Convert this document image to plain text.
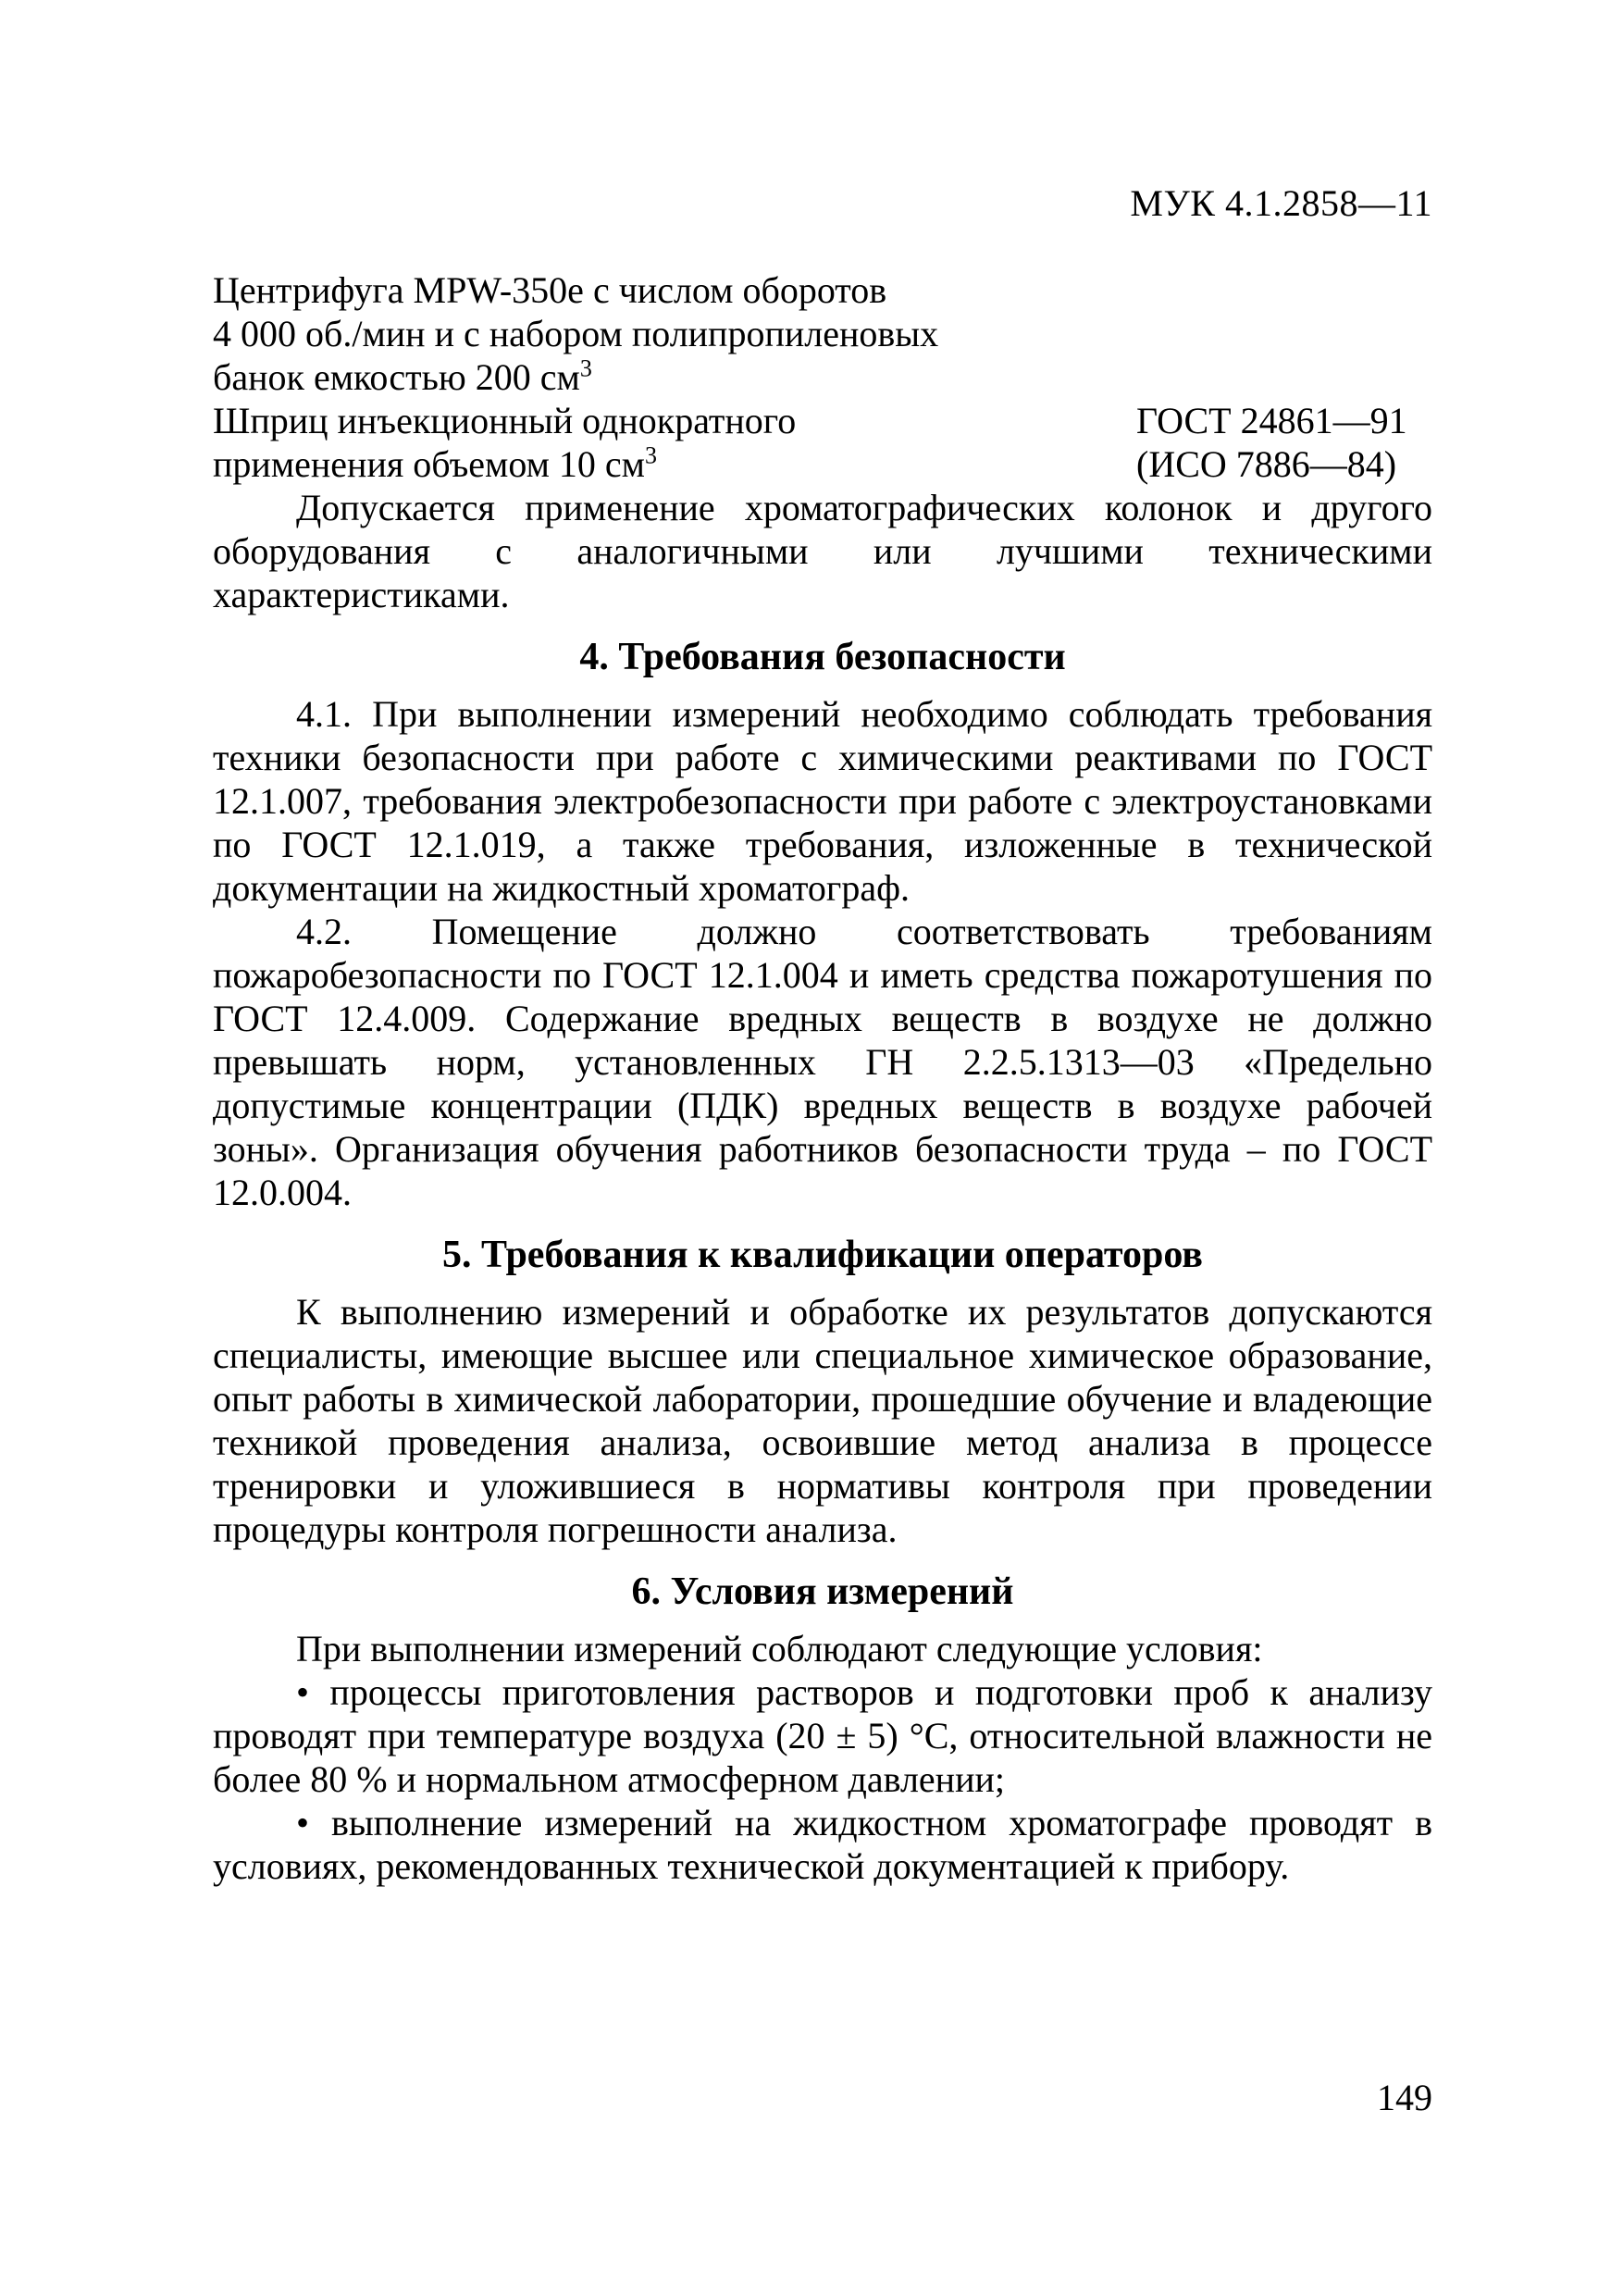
МУК 4.1.2858—11
Центрифуга MPW-350е с числом оборотов
4 000 об./мин и с набором полипропиленовых
банок емкостью 200 $см^3$
Шприц инъекционный однократного	ГОСТ 24861—91
применения объемом 10 $см^3$	(ИСО 7886—84)

Допускается применение хроматографических колонок и другого оборудования с аналогичными или лучшими техническими характеристиками.

4. Требования безопасности

4.1. При выполнении измерений необходимо соблюдать требования техники безопасности при работе с химическими реактивами по ГОСТ 12.1.007, требования электробезопасности при работе с электроустановками по ГОСТ 12.1.019, а также требования, изложенные в технической документации на жидкостный хроматограф.

4.2. Помещение должно соответствовать требованиям пожаробезопасности по ГОСТ 12.1.004 и иметь средства пожаротушения по ГОСТ 12.4.009. Содержание вредных веществ в воздухе не должно превышать норм, установленных ГН 2.2.5.1313—03 «Предельно допустимые концентрации (ПДК) вредных веществ в воздухе рабочей зоны». Организация обучения работников безопасности труда – по ГОСТ 12.0.004.

5. Требования к квалификации операторов

К выполнению измерений и обработке их результатов допускаются специалисты, имеющие высшее или специальное химическое образование, опыт работы в химической лаборатории, прошедшие обучение и владеющие техникой проведения анализа, освоившие метод анализа в процессе тренировки и уложившиеся в нормативы контроля при проведении процедуры контроля погрешности анализа.

6. Условия измерений

При выполнении измерений соблюдают следующие условия:

• процессы приготовления растворов и подготовки проб к анализу проводят при температуре воздуха (20 ± 5) °C, относительной влажности не более 80 % и нормальном атмосферном давлении;

• выполнение измерений на жидкостном хроматографе проводят в условиях, рекомендованных технической документацией к прибору.

149
